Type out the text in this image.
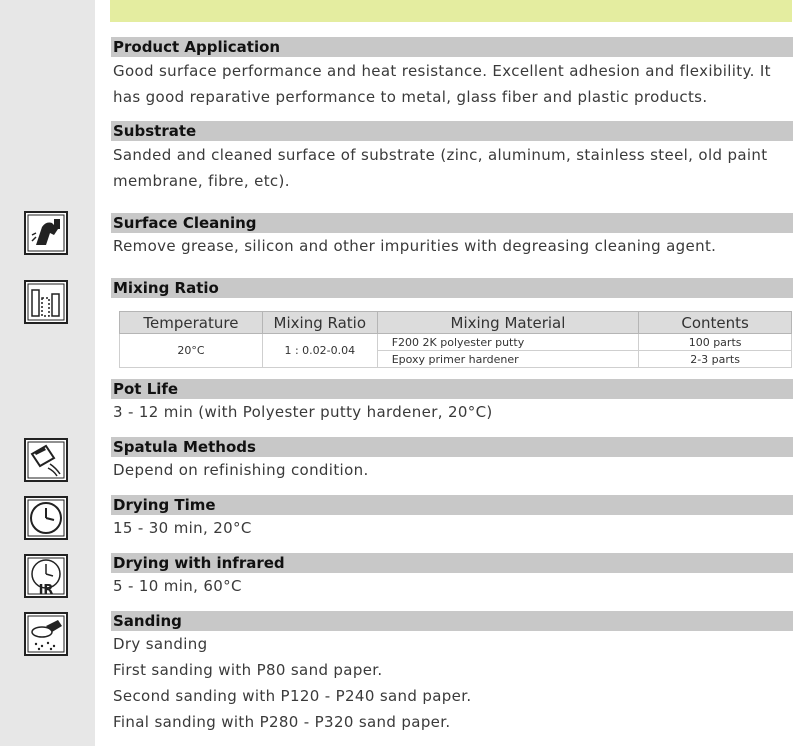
IR
Product Application
Good surface performance and heat resistance. Excellent adhesion and flexibility. It
has good reparative performance to metal, glass fiber and plastic products.
Substrate
Sanded and cleaned surface of substrate (zinc, aluminum, stainless steel, old paint
membrane, fibre, etc).
Surface Cleaning
Remove grease, silicon and other impurities with degreasing cleaning agent.
Mixing Ratio
Temperature	Mixing Ratio	Mixing Material	Contents
20°C	1 : 0.02-0.04	F200 2K polyester putty	100 parts
		Epoxy primer hardener	2-3 parts
Pot Life
3 - 12 min (with Polyester putty hardener, 20°C)
Spatula Methods
Depend on refinishing condition.
Drying Time
15 - 30 min, 20°C
Drying with infrared
5 - 10 min, 60°C
Sanding
Dry sanding
First sanding with P80 sand paper.
Second sanding with P120 - P240 sand paper.
Final sanding with P280 - P320 sand paper.
